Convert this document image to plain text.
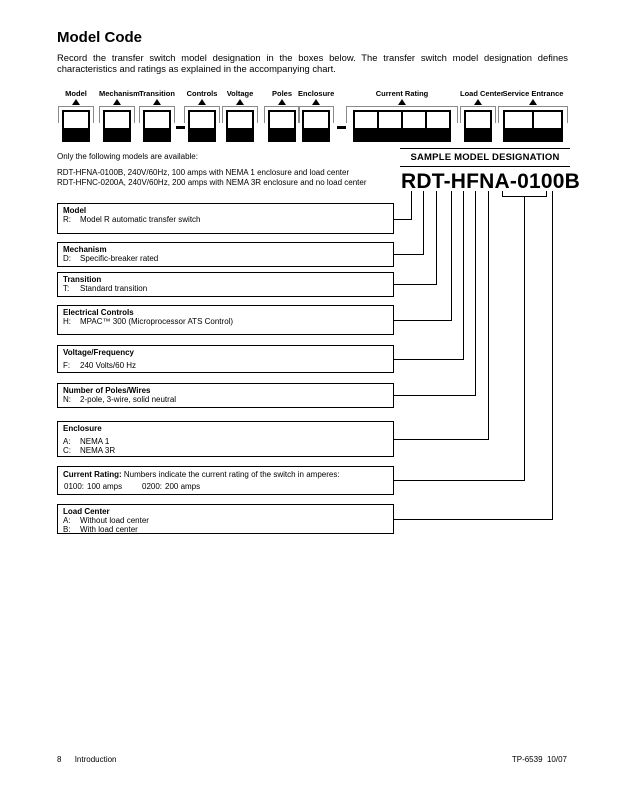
Model Code
Record the transfer switch model designation in the boxes below. The transfer switch model designation defines characteristics and ratings as explained in the accompanying chart.
Model	Mechanism Transition	Controls	Voltage	Poles Enclosure	Current Rating	Load Center
Service Entrance
Only the following models are available:
RDT-HFNA-0100B, 240V/60Hz, 100 amps with NEMA 1 enclosure and load center
RDT-HFNC-0200A, 240V/60Hz, 200 amps with NEMA 3R enclosure and no load center
SAMPLE MODEL DESIGNATION
RDT-HFNA-0100B
Model
R:	Model R automatic transfer switch
Mechanism
D:	Specific-breaker rated
Transition
T:	Standard transition
Electrical Controls
H:	MPAC™ 300 (Microprocessor ATS Control)
Voltage/Frequency
F:	240 Volts/60 Hz
Number of Poles/Wires
N:	2-pole, 3-wire, solid neutral
Enclosure
A:	NEMA 1
C:	NEMA 3R
Current Rating: Numbers indicate the current rating of the switch in amperes:
0100: 100 amps	0200: 200 amps
Load Center
A:	Without load center
B:	With load center
8 Introduction	TP-6539  10/07
